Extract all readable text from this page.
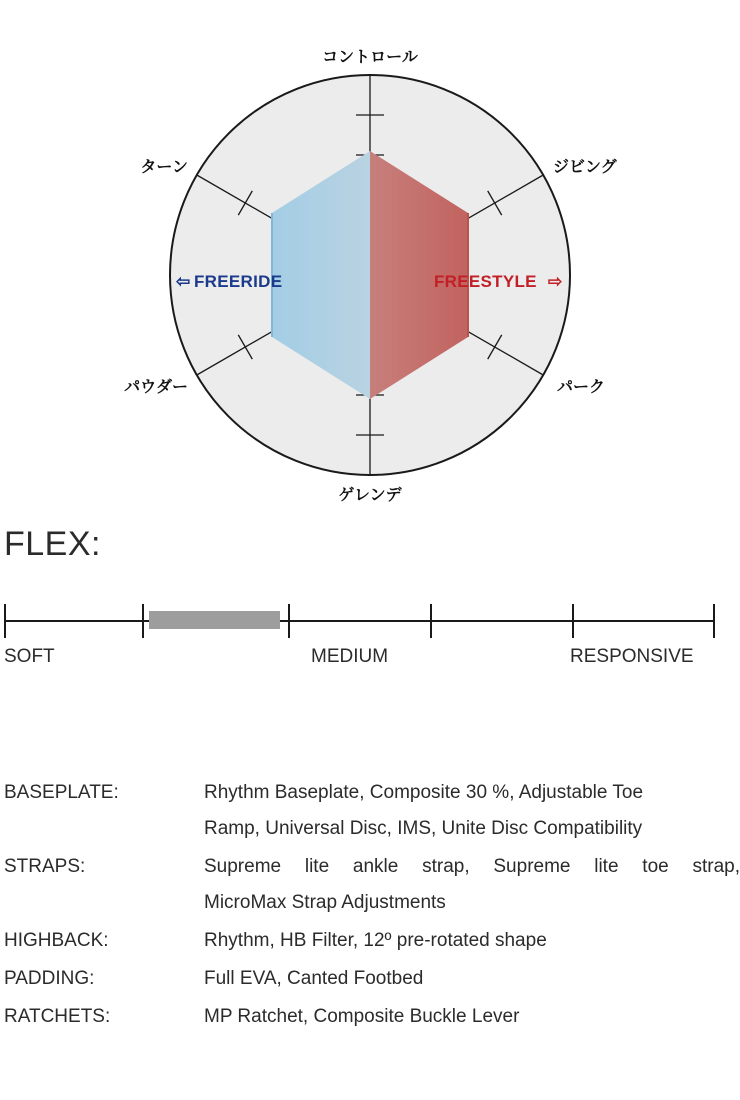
コントロール
ジビング
パーク
ゲレンデ
パウダー
ターン
⇦ FREERIDE	FREESTYLE ⇨
FLEX:
SOFT	MEDIUM	RESPONSIVE
BASEPLATE:	Rhythm Baseplate, Composite 30 %, Adjustable Toe
Ramp, Universal Disc, IMS, Unite Disc Compatibility
STRAPS:	Supreme lite ankle strap, Supreme lite toe strap,
MicroMax Strap Adjustments
HIGHBACK:	Rhythm, HB Filter, 12º pre-rotated shape
PADDING:	Full EVA, Canted Footbed
RATCHETS:	MP Ratchet, Composite Buckle Lever
